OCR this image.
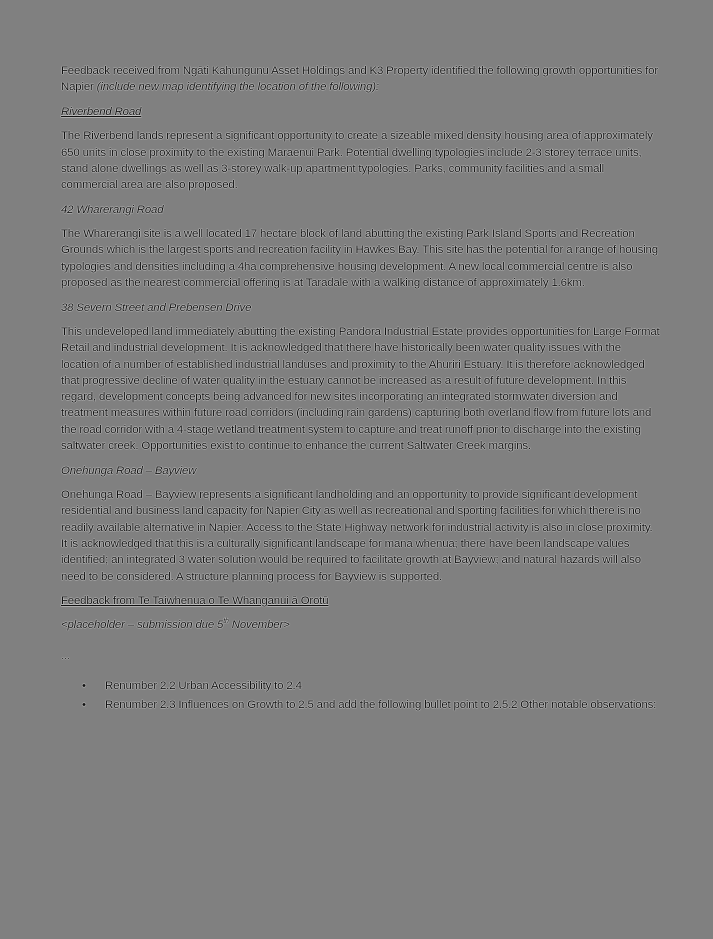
Feedback received from Ngāti Kahungunu Asset Holdings and K3 Property identified the following growth opportunities for Napier (include new map identifying the location of the following):

Riverbend Road

The Riverbend lands represent a significant opportunity to create a sizeable mixed density housing area of approximately 650 units in close proximity to the existing Maraenui Park. Potential dwelling typologies include 2-3 storey terrace units, stand alone dwellings as well as 3-storey walk-up apartment typologies. Parks, community facilities and a small commercial area are also proposed.

42 Wharerangi Road

The Wharerangi site is a well located 17 hectare block of land abutting the existing Park Island Sports and Recreation Grounds which is the largest sports and recreation facility in Hawkes Bay. This site has the potential for a range of housing typologies and densities including a 4ha comprehensive housing development. A new local commercial centre is also proposed as the nearest commercial offering is at Taradale with a walking distance of approximately 1.6km.

38 Severn Street and Prebensen Drive

This undeveloped land immediately abutting the existing Pandora Industrial Estate provides opportunities for Large Format Retail and industrial development. It is acknowledged that there have historically been water quality issues with the location of a number of established industrial landuses and proximity to the Ahuriri Estuary. It is therefore acknowledged that progressive decline of water quality in the estuary cannot be increased as a result of future development. In this regard, development concepts being advanced for new sites incorporating an integrated stormwater diversion and treatment measures within future road corridors (including rain gardens) capturing both overland flow from future lots and the road corridor with a 4-stage wetland treatment system to capture and treat runoff prior to discharge into the existing saltwater creek. Opportunities exist to continue to enhance the current Saltwater Creek margins.

Onehunga Road – Bayview

Onehunga Road – Bayview represents a significant landholding and an opportunity to provide significant development residential and business land capacity for Napier City as well as recreational and sporting facilities for which there is no readily available alternative in Napier. Access to the State Highway network for industrial activity is also in close proximity. It is acknowledged that this is a culturally significant landscape for mana whenua; there have been landscape values identified; an integrated 3 water solution would be required to facilitate growth at Bayview; and natural hazards will also need to be considered. A structure planning process for Bayview is supported.

Feedback from Te Taiwhenua o Te Whanganui ā Orotū

<placeholder – submission due 5th November>

…

• Renumber 2.2 Urban Accessibility to 2.4
• Renumber 2.3 Influences on Growth to 2.5 and add the following bullet point to 2.5.2 Other notable observations:
